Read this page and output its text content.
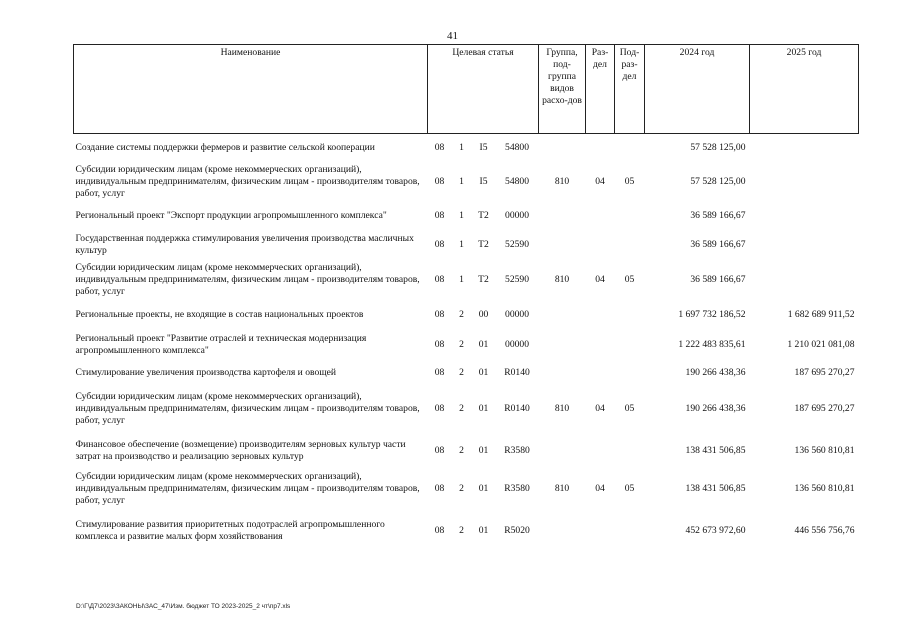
41
Наименование	Целевая статья				Группа, под-группа видов расхо-дов	Раз-дел	Под-раз-дел	2024 год	2025 год
Создание системы поддержки фермеров и развитие сельской кооперации	08	1	I5	54800				57 528 125,00	
Субсидии юридическим лицам (кроме некоммерческих организаций), индивидуальным предпринимателям, физическим лицам - производителям товаров, работ, услуг	08	1	I5	54800	810	04	05	57 528 125,00	
Региональный проект "Экспорт продукции агропромышленного комплекса"	08	1	T2	00000				36 589 166,67	
Государственная поддержка стимулирования увеличения производства масличных культур	08	1	T2	52590				36 589 166,67	
Субсидии юридическим лицам (кроме некоммерческих организаций), индивидуальным предпринимателям, физическим лицам - производителям товаров, работ, услуг	08	1	T2	52590	810	04	05	36 589 166,67	
Региональные проекты, не входящие в состав национальных проектов	08	2	00	00000				1 697 732 186,52	1 682 689 911,52
Региональный проект "Развитие отраслей и техническая модернизация агропромышленного комплекса"	08	2	01	00000				1 222 483 835,61	1 210 021 081,08
Стимулирование увеличения производства картофеля и овощей	08	2	01	R0140				190 266 438,36	187 695 270,27
Субсидии юридическим лицам (кроме некоммерческих организаций), индивидуальным предпринимателям, физическим лицам - производителям товаров, работ, услуг	08	2	01	R0140	810	04	05	190 266 438,36	187 695 270,27
Финансовое обеспечение (возмещение) производителям зерновых культур части затрат на производство и реализацию зерновых культур	08	2	01	R3580				138 431 506,85	136 560 810,81
Субсидии юридическим лицам (кроме некоммерческих организаций), индивидуальным предпринимателям, физическим лицам - производителям товаров, работ, услуг	08	2	01	R3580	810	04	05	138 431 506,85	136 560 810,81
Стимулирование развития приоритетных подотраслей агропромышленного комплекса и развитие малых форм хозяйствования	08	2	01	R5020				452 673 972,60	446 556 756,76
D:\Г\Д7\2023\ЗАКОНЫ\ЗАС_47\Изм. бюджет ТО 2023-2025_2 чт\пр7.xls
